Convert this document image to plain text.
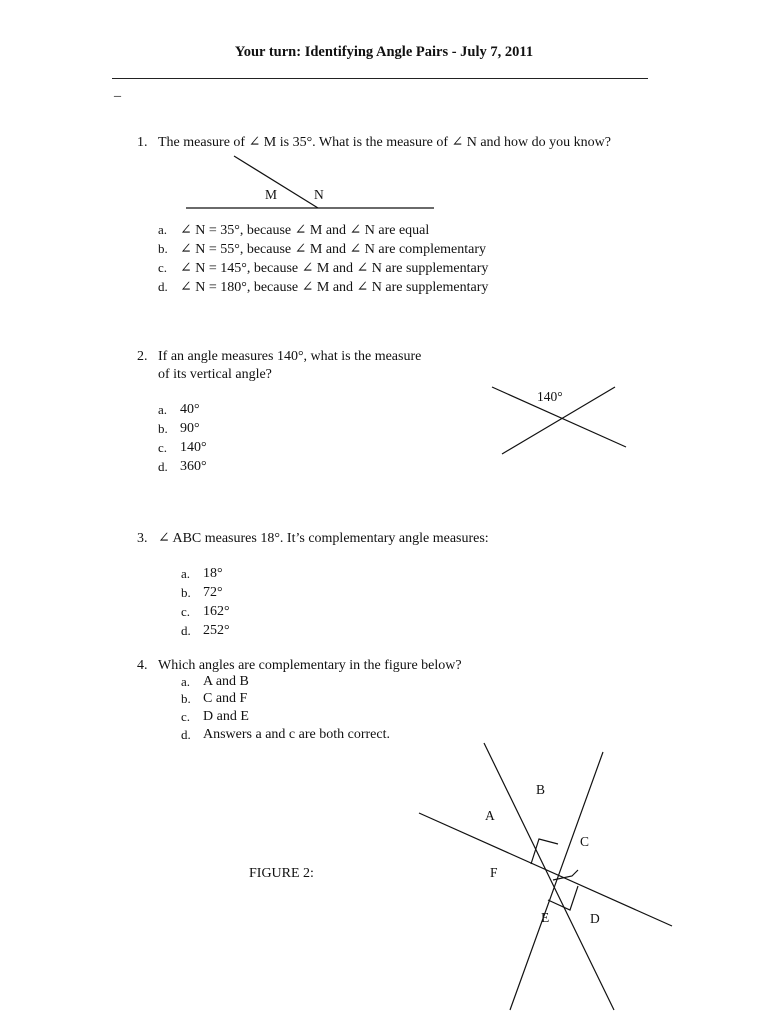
Your turn: Identifying Angle Pairs - July 7, 2011
_
1. The measure of ∠ M is 35°. What is the measure of ∠ N and how do you know?
M	N
a. ∠ N = 35°, because ∠ M and ∠ N are equal
b. ∠ N = 55°, because ∠ M and ∠ N are complementary
c. ∠ N = 145°, because ∠ M and ∠ N are supplementary
d. ∠ N = 180°, because ∠ M and ∠ N are supplementary
2. If an angle measures 140°, what is the measure
of its vertical angle?
140°
a. 40°
b. 90°
c. 140°
d. 360°
3. ∠ ABC measures 18°. It’s complementary angle measures:
a. 18°
b. 72°
c. 162°
d. 252°
4. Which angles are complementary in the figure below?
a. A and B
b. C and F
c. D and E
d. Answers a and c are both correct.
FIGURE 2:
B
A
C
F
E	D
